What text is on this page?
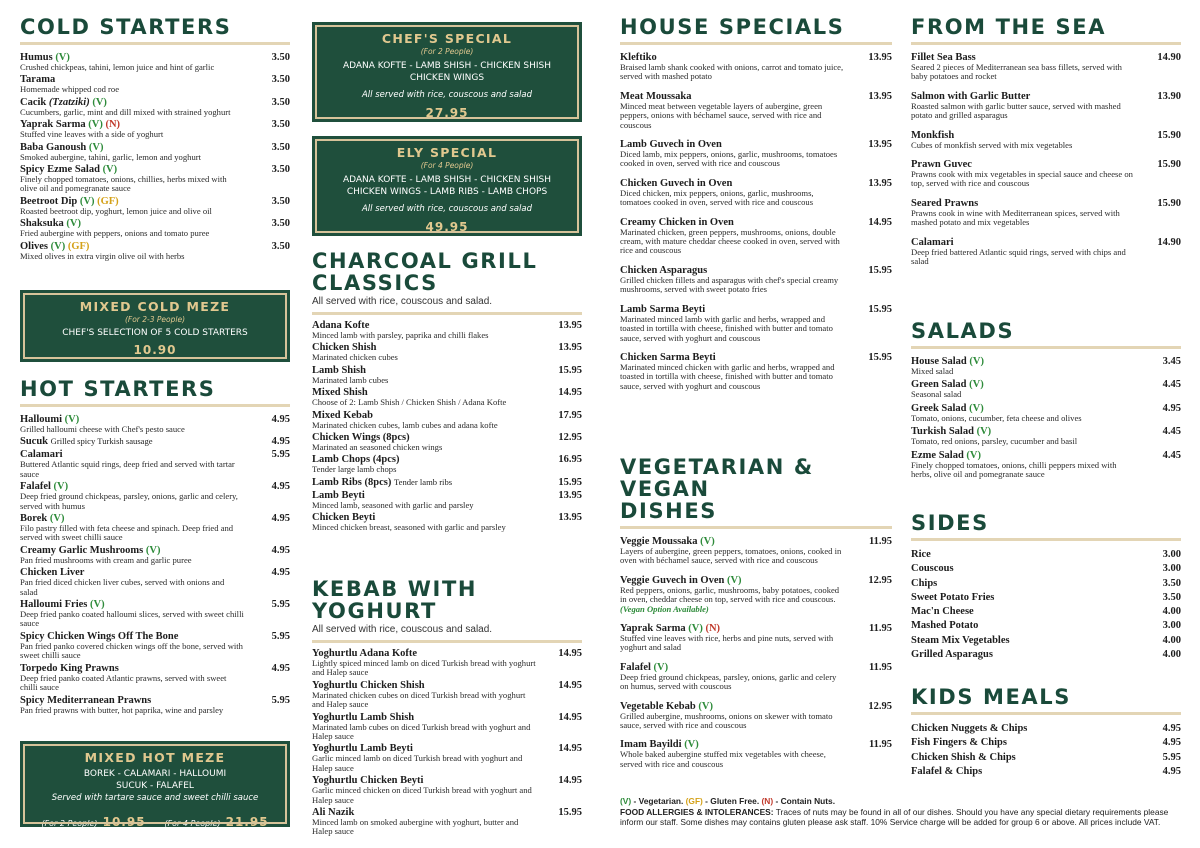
COLD STARTERS
Humus (V)	3.50
Crushed chickpeas, tahini, lemon juice and hint of garlic
Tarama	3.50
Homemade whipped cod roe
Cacik (Tzatziki) (V)	3.50
Cucumbers, garlic, mint and dill mixed with strained yoghurt
Yaprak Sarma (V) (N)	3.50
Stuffed vine leaves with a side of yoghurt
Baba Ganoush (V)	3.50
Smoked aubergine, tahini, garlic, lemon and yoghurt
Spicy Ezme Salad (V)	3.50
Finely chopped tomatoes, onions, chillies, herbs mixed with olive oil and pomegranate sauce
Beetroot Dip (V) (GF)	3.50
Roasted beetroot dip, yoghurt, lemon juice and olive oil
Shaksuka (V)	3.50
Fried aubergine with peppers, onions and tomato puree
Olives (V) (GF)	3.50
Mixed olives in extra virgin olive oil with herbs
MIXED COLD MEZE
(For 2-3 People)
CHEF'S SELECTION OF 5 COLD STARTERS
10.90
HOT STARTERS
Halloumi (V)	4.95
Grilled halloumi cheese with Chef's pesto sauce
Sucuk Grilled spicy Turkish sausage	4.95
Calamari	5.95
Buttered Atlantic squid rings, deep fried and served with tartar sauce
Falafel (V)	4.95
Deep fried ground chickpeas, parsley, onions, garlic and celery, served with humus
Borek (V)	4.95
Filo pastry filled with feta cheese and spinach. Deep fried and served with sweet chilli sauce
Creamy Garlic Mushrooms (V)	4.95
Pan fried mushrooms with cream and garlic puree
Chicken Liver	4.95
Pan fried diced chicken liver cubes, served with onions and salad
Halloumi Fries (V)	5.95
Deep fried panko coated halloumi slices, served with sweet chilli sauce
Spicy Chicken Wings Off The Bone	5.95
Pan fried panko covered chicken wings off the bone, served with sweet chilli sauce
Torpedo King Prawns	4.95
Deep fried panko coated Atlantic prawns, served with sweet chilli sauce
Spicy Mediterranean Prawns	5.95
Pan fried prawns with butter, hot paprika, wine and parsley
MIXED HOT MEZE
BOREK - CALAMARI - HALLOUMI
SUCUK - FALAFEL
Served with tartare sauce and sweet chilli sauce
(For 2 People) 10.95 (For 4 People) 21.95
CHEF'S SPECIAL
(For 2 People)
ADANA KOFTE - LAMB SHISH - CHICKEN SHISH
CHICKEN WINGS
All served with rice, couscous and salad
27.95
ELY SPECIAL
(For 4 People)
ADANA KOFTE - LAMB SHISH - CHICKEN SHISH
CHICKEN WINGS - LAMB RIBS - LAMB CHOPS
All served with rice, couscous and salad
49.95
CHARCOAL GRILL
CLASSICS
All served with rice, couscous and salad.
Adana Kofte	13.95
Minced lamb with parsley, paprika and chilli flakes
Chicken Shish	13.95
Marinated chicken cubes
Lamb Shish	15.95
Marinated lamb cubes
Mixed Shish	14.95
Choose of 2: Lamb Shish / Chicken Shish / Adana Kofte
Mixed Kebab	17.95
Marinated chicken cubes, lamb cubes and adana kofte
Chicken Wings (8pcs)	12.95
Marinated an seasoned chicken wings
Lamb Chops (4pcs)	16.95
Tender large lamb chops
Lamb Ribs (8pcs) Tender lamb ribs	15.95
Lamb Beyti	13.95
Minced lamb, seasoned with garlic and parsley
Chicken Beyti	13.95
Minced chicken breast, seasoned with garlic and parsley
KEBAB WITH YOGHURT
All served with rice, couscous and salad.
Yoghurtlu Adana Kofte	14.95
Lightly spiced minced lamb on diced Turkish bread with yoghurt and Halep sauce
Yoghurtlu Chicken Shish	14.95
Marinated chicken cubes on diced Turkish bread with yoghurt and Halep sauce
Yoghurtlu Lamb Shish	14.95
Marinated lamb cubes on diced Turkish bread with yoghurt and Halep sauce
Yoghurtlu Lamb Beyti	14.95
Garlic minced lamb on diced Turkish bread with yoghurt and Halep sauce
Yoghurtlu Chicken Beyti	14.95
Garlic minced chicken on diced Turkish bread with yoghurt and Halep sauce
Ali Nazik	15.95
Minced lamb on smoked aubergine with yoghurt, butter and Halep sauce
HOUSE SPECIALS
Kleftiko	13.95
Braised lamb shank cooked with onions, carrot and tomato juice, served with mashed potato
Meat Moussaka	13.95
Minced meat between vegetable layers of aubergine, green peppers, onions with béchamel sauce, served with rice and couscous
Lamb Guvech in Oven	13.95
Diced lamb, mix peppers, onions, garlic, mushrooms, tomatoes cooked in oven, served with rice and couscous
Chicken Guvech in Oven	13.95
Diced chicken, mix peppers, onions, garlic, mushrooms, tomatoes cooked in oven, served with rice and couscous
Creamy Chicken in Oven	14.95
Marinated chicken, green peppers, mushrooms, onions, double cream, with mature cheddar cheese cooked in oven, served with rice and couscous
Chicken Asparagus	15.95
Grilled chicken fillets and asparagus with chef's special creamy mushrooms, served with sweet potato fries
Lamb Sarma Beyti	15.95
Marinated minced lamb with garlic and herbs, wrapped and toasted in tortilla with cheese, finished with butter and tomato sauce, served with yoghurt and couscous
Chicken Sarma Beyti	15.95
Marinated minced chicken with garlic and herbs, wrapped and toasted in tortilla with cheese, finished with butter and tomato sauce, served with yoghurt and couscous
VEGETARIAN & VEGAN
DISHES
Veggie Moussaka (V)	11.95
Layers of aubergine, green peppers, tomatoes, onions, cooked in oven with béchamel sauce, served with rice and couscous
Veggie Guvech in Oven (V)	12.95
Red peppers, onions, garlic, mushrooms, baby potatoes, cooked in oven, cheddar cheese on top, served with rice and couscous. (Vegan Option Available)
Yaprak Sarma (V) (N)	11.95
Stuffed vine leaves with rice, herbs and pine nuts, served with yoghurt and salad
Falafel (V)	11.95
Deep fried ground chickpeas, parsley, onions, garlic and celery on humus, served with couscous
Vegetable Kebab (V)	12.95
Grilled aubergine, mushrooms, onions on skewer with tomato sauce, served with rice and couscous
Imam Bayildi (V)	11.95
Whole baked aubergine stuffed mix vegetables with cheese, served with rice and couscous
(V) - Vegetarian. (GF) - Gluten Free. (N) - Contain Nuts.
FOOD ALLERGIES & INTOLERANCES: Traces of nuts may be found in all of our dishes. Should you have any special dietary requirements please inform our staff. Some dishes may contains gluten please ask staff. 10% Service charge will be added for group 6 or above. All prices include VAT.
FROM THE SEA
Fillet Sea Bass	14.90
Seared 2 pieces of Mediterranean sea bass fillets, served with baby potatoes and rocket
Salmon with Garlic Butter	13.90
Roasted salmon with garlic butter sauce, served with mashed potato and grilled asparagus
Monkfish	15.90
Cubes of monkfish served with mix vegetables
Prawn Guvec	15.90
Prawns cook with mix vegetables in special sauce and cheese on top, served with rice and couscous
Seared Prawns	15.90
Prawns cook in wine with Mediterranean spices, served with mashed potato and mix vegetables
Calamari	14.90
Deep fried battered Atlantic squid rings, served with chips and salad
SALADS
House Salad (V)	3.45
Mixed salad
Green Salad (V)	4.45
Seasonal salad
Greek Salad (V)	4.95
Tomato, onions, cucumber, feta cheese and olives
Turkish Salad (V)	4.45
Tomato, red onions, parsley, cucumber and basil
Ezme Salad (V)	4.45
Finely chopped tomatoes, onions, chilli peppers mixed with herbs, olive oil and pomegranate sauce
SIDES
Rice	3.00
Couscous	3.00
Chips	3.50
Sweet Potato Fries	3.50
Mac'n Cheese	4.00
Mashed Potato	3.00
Steam Mix Vegetables	4.00
Grilled Asparagus	4.00
KIDS MEALS
Chicken Nuggets & Chips	4.95
Fish Fingers & Chips	4.95
Chicken Shish & Chips	5.95
Falafel & Chips	4.95
